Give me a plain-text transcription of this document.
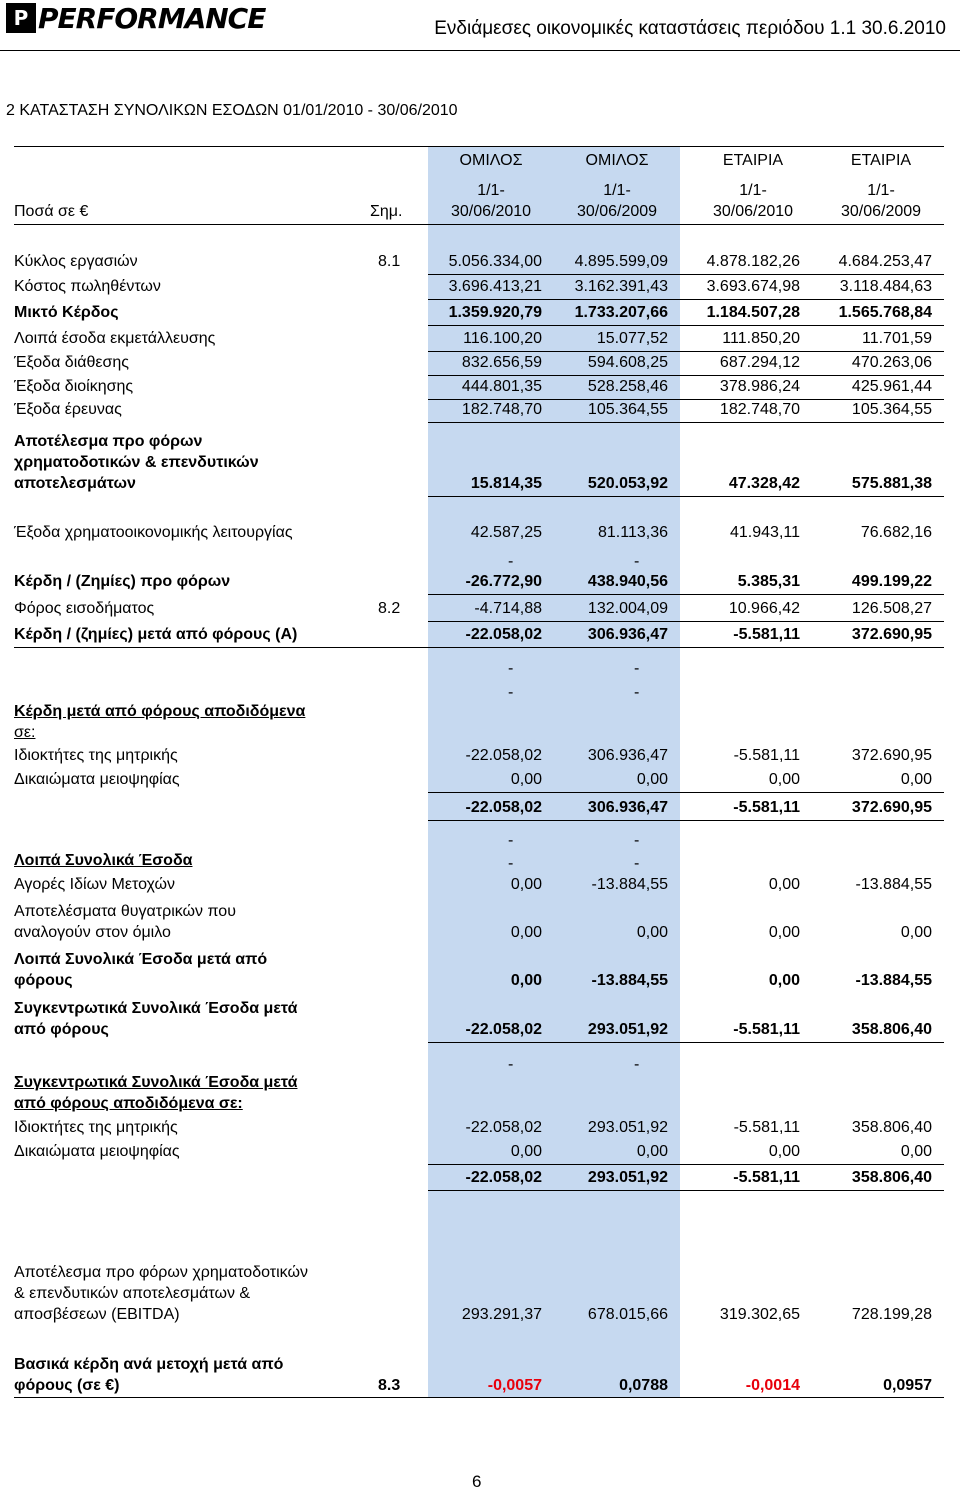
P PERFORMANCE	Ενδιάμεσες οικονομικές καταστάσεις περιόδου 1.1 30.6.2010
2 ΚΑΤΑΣΤΑΣΗ ΣΥΝΟΛΙΚΩΝ ΕΣΟΔΩΝ 01/01/2010 - 30/06/2010
ΟΜΙΛΟΣ	ΟΜΙΛΟΣ	ΕΤΑΙΡΙΑ	ΕΤΑΙΡΙΑ
1/1-	1/1-	1/1-	1/1-
Ποσά σε €	Σημ.	30/06/2010	30/06/2009	30/06/2010	30/06/2009
Κύκλος εργασιών	8.1	5.056.334,00	4.895.599,09	4.878.182,26	4.684.253,47
Κόστος πωληθέντων	3.696.413,21	3.162.391,43	3.693.674,98	3.118.484,63
Μικτό Κέρδος	1.359.920,79	1.733.207,66	1.184.507,28	1.565.768,84
Λοιπά έσοδα εκμετάλλευσης	116.100,20	15.077,52	111.850,20	11.701,59
Έξοδα διάθεσης	832.656,59	594.608,25	687.294,12	470.263,06
Έξοδα διοίκησης	444.801,35	528.258,46	378.986,24	425.961,44
Έξοδα έρευνας	182.748,70	105.364,55	182.748,70	105.364,55
Αποτέλεσμα προ φόρων
χρηματοδοτικών & επενδυτικών
αποτελεσμάτων	15.814,35	520.053,92	47.328,42	575.881,38
Έξοδα χρηματοοικονομικής λειτουργίας	42.587,25	81.113,36	41.943,11	76.682,16
-	-
Κέρδη / (Ζημίες) προ φόρων	-26.772,90	438.940,56	5.385,31	499.199,22
Φόρος εισοδήματος	8.2	-4.714,88	132.004,09	10.966,42	126.508,27
Κέρδη / (ζημίες) μετά από φόρους (Α)	-22.058,02	306.936,47	-5.581,11	372.690,95
-	-
-	-
Κέρδη μετά από φόρους αποδιδόμενα
σε:
Ιδιοκτήτες της μητρικής	-22.058,02	306.936,47	-5.581,11	372.690,95
Δικαιώματα μειοψηφίας	0,00	0,00	0,00	0,00
-22.058,02	306.936,47	-5.581,11	372.690,95
-	-
-	-
Λοιπά Συνολικά Έσοδα
Αγορές Ιδίων Μετοχών	0,00	-13.884,55	0,00	-13.884,55
Αποτελέσματα θυγατρικών που
αναλογούν στον όμιλο	0,00	0,00	0,00	0,00
Λοιπά Συνολικά Έσοδα μετά από
φόρους	0,00	-13.884,55	0,00	-13.884,55
Συγκεντρωτικά Συνολικά Έσοδα μετά
από φόρους	-22.058,02	293.051,92	-5.581,11	358.806,40
-	-
Συγκεντρωτικά Συνολικά Έσοδα μετά
από φόρους αποδιδόμενα σε:
Ιδιοκτήτες της μητρικής	-22.058,02	293.051,92	-5.581,11	358.806,40
Δικαιώματα μειοψηφίας	0,00	0,00	0,00	0,00
-22.058,02	293.051,92	-5.581,11	358.806,40
Αποτέλεσμα προ φόρων χρηματοδοτικών
& επενδυτικών αποτελεσμάτων &
αποσβέσεων (EBITDA)	293.291,37	678.015,66	319.302,65	728.199,28
Βασικά κέρδη ανά μετοχή μετά από
φόρους (σε €)	8.3	-0,0057	0,0788	-0,0014	0,0957
6
